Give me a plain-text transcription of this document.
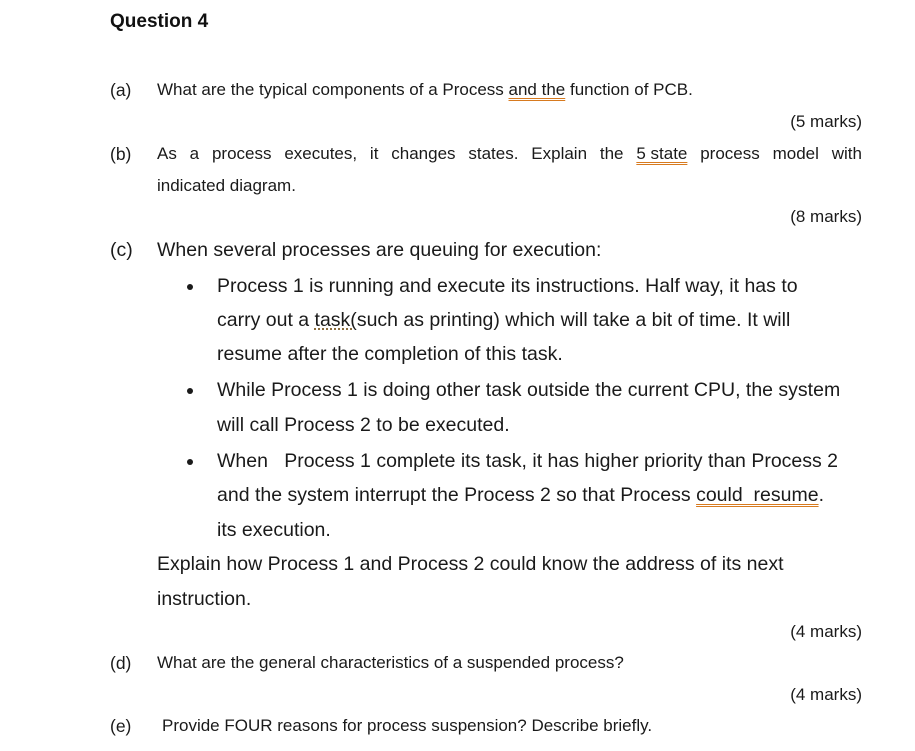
Question 4
(a) What are the typical components of a Process and the function of PCB.
(5 marks)
(b) As a process executes, it changes states. Explain the 5 state process model with
indicated diagram.
(8 marks)
(c) When several processes are queuing for execution:
Process 1 is running and execute its instructions. Half way, it has to
carry out a task(such as printing) which will take a bit of time. It will
resume after the completion of this task.
While Process 1 is doing other task outside the current CPU, the system
will call Process 2 to be executed.
When   Process 1 complete its task, it has higher priority than Process 2
and the system interrupt the Process 2 so that Process could  resume.
its execution.
Explain how Process 1 and Process 2 could know the address of its next
instruction.
(4 marks)
(d) What are the general characteristics of a suspended process?
(4 marks)
(e) Provide FOUR reasons for process suspension? Describe briefly.
